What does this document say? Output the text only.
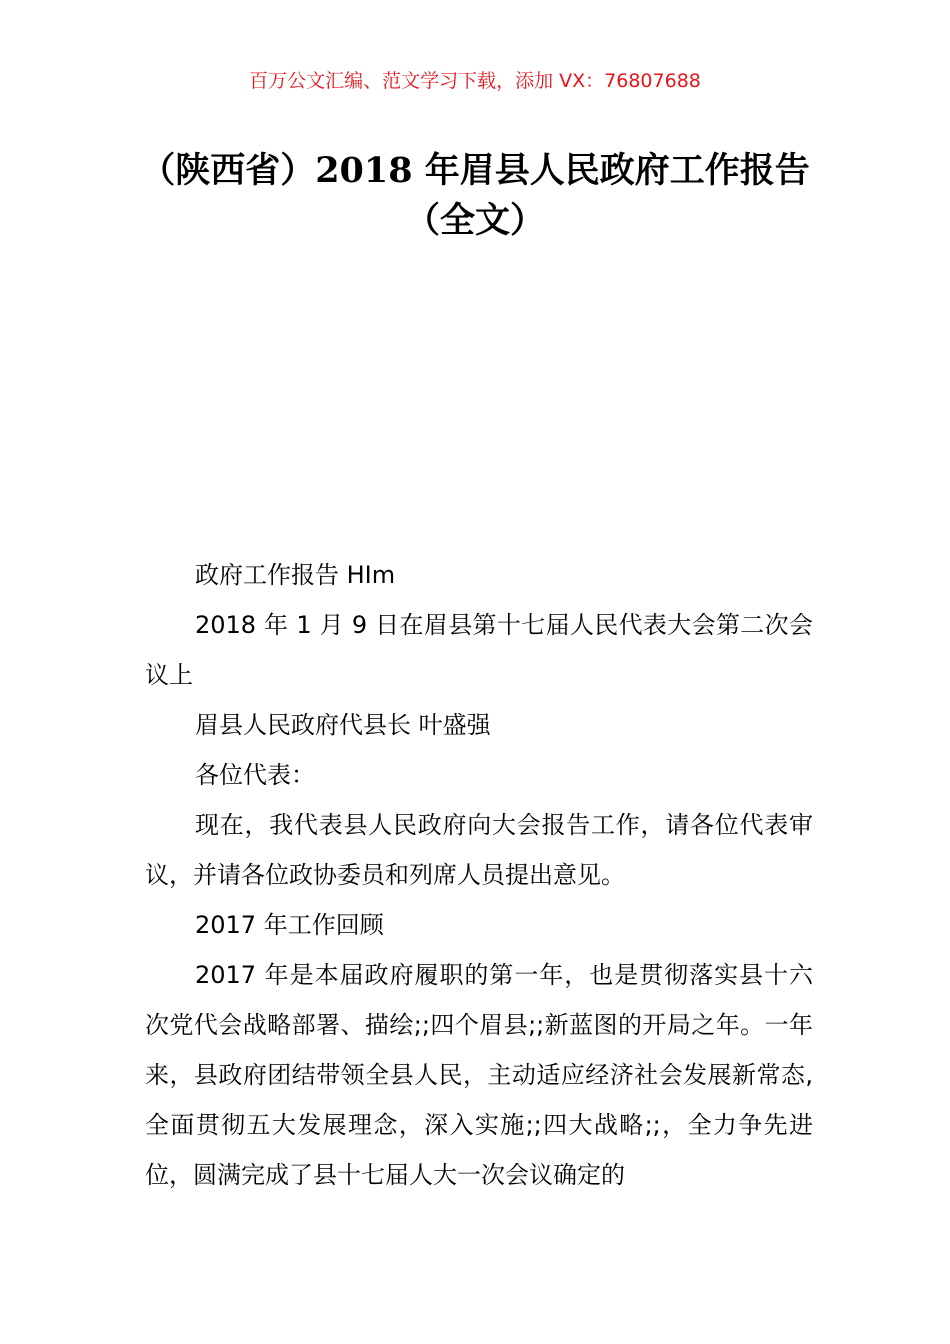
百万公文汇编、范文学习下载，添加 VX：76807688
（陕西省）2018 年眉县人民政府工作报告
（全文）

政府工作报告 HIm

2018 年 1 月 9 日在眉县第十七届人民代表大会第二次会议上

眉县人民政府代县长 叶盛强

各位代表：

现在，我代表县人民政府向大会报告工作，请各位代表审议，并请各位政协委员和列席人员提出意见。

2017 年工作回顾

2017 年是本届政府履职的第一年，也是贯彻落实县十六次党代会战略部署、描绘;;四个眉县;;新蓝图的开局之年。一年来，县政府团结带领全县人民，主动适应经济社会发展新常态, 全面贯彻五大发展理念，深入实施;;四大战略;;，全力争先进位，圆满完成了县十七届人大一次会议确定的
